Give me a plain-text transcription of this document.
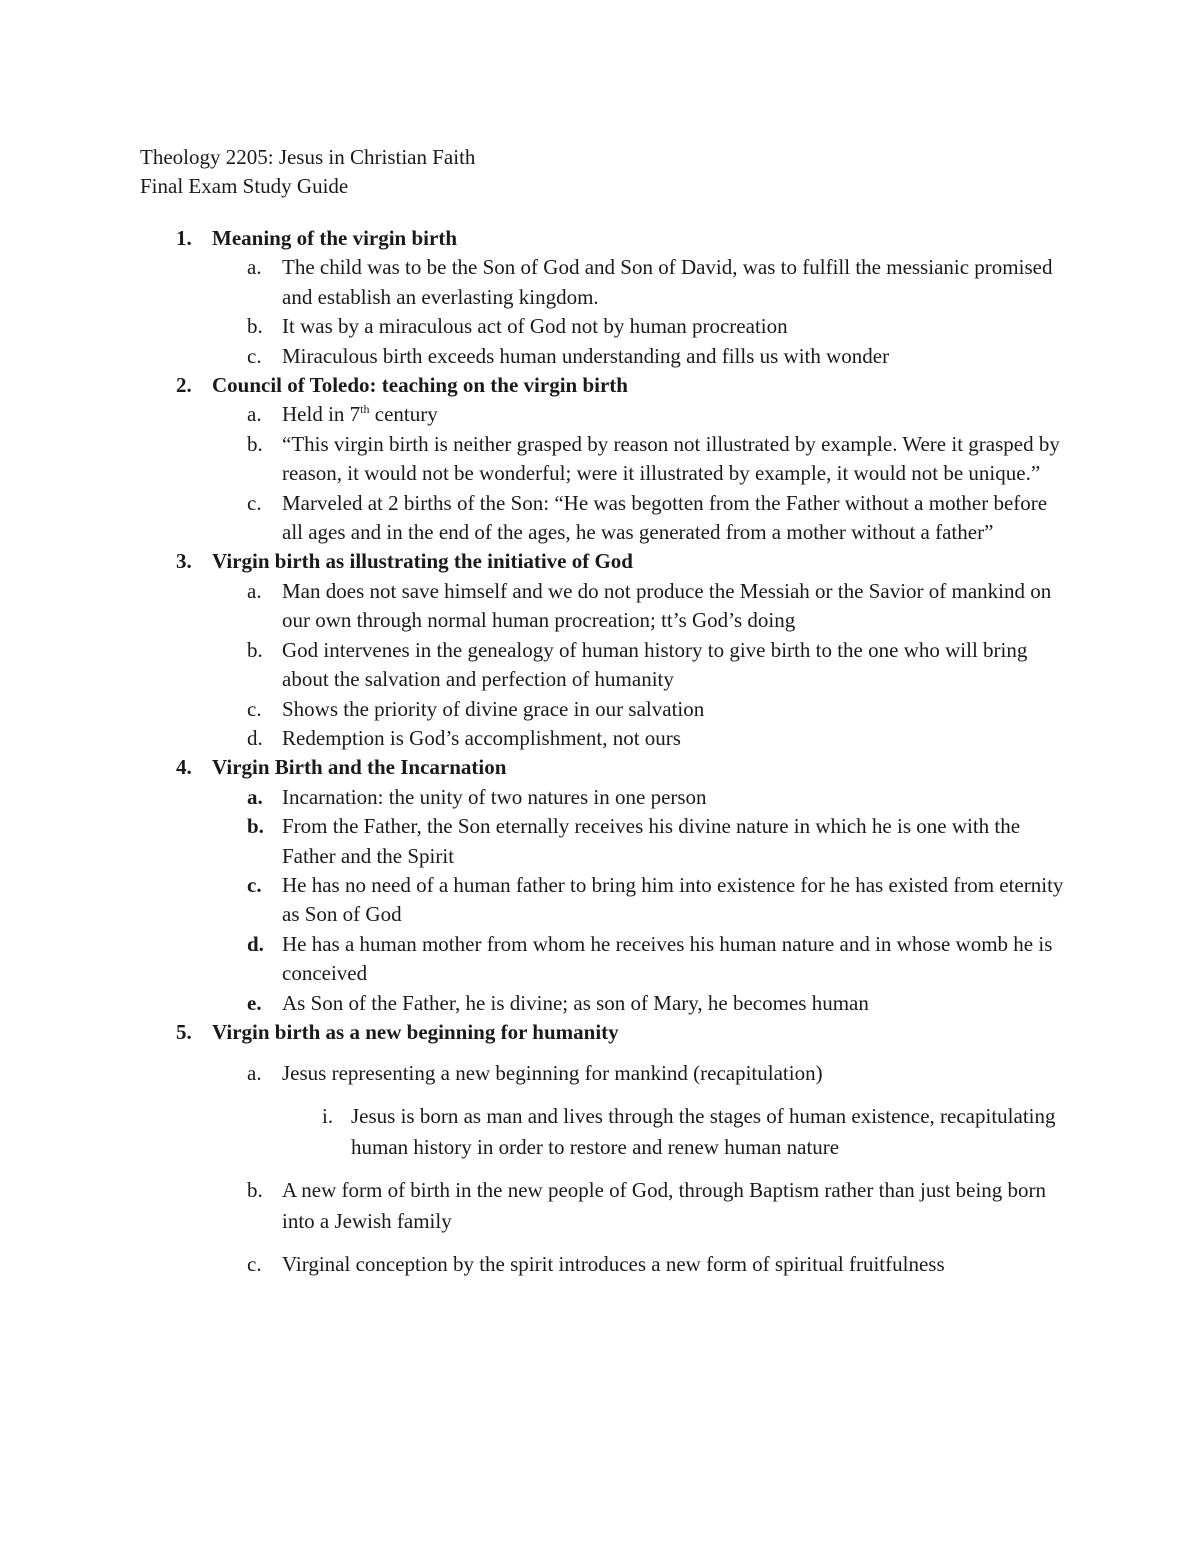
Theology 2205: Jesus in Christian Faith
Final Exam Study Guide
1. Meaning of the virgin birth
a. The child was to be the Son of God and Son of David, was to fulfill the messianic promised and establish an everlasting kingdom.
b. It was by a miraculous act of God not by human procreation
c. Miraculous birth exceeds human understanding and fills us with wonder
2. Council of Toledo: teaching on the virgin birth
a. Held in 7th century
b. “This virgin birth is neither grasped by reason not illustrated by example. Were it grasped by reason, it would not be wonderful; were it illustrated by example, it would not be unique.”
c. Marveled at 2 births of the Son: “He was begotten from the Father without a mother before all ages and in the end of the ages, he was generated from a mother without a father”
3. Virgin birth as illustrating the initiative of God
a. Man does not save himself and we do not produce the Messiah or the Savior of mankind on our own through normal human procreation; tt’s God’s doing
b. God intervenes in the genealogy of human history to give birth to the one who will bring about the salvation and perfection of humanity
c. Shows the priority of divine grace in our salvation
d. Redemption is God’s accomplishment, not ours
4. Virgin Birth and the Incarnation
a. Incarnation: the unity of two natures in one person
b. From the Father, the Son eternally receives his divine nature in which he is one with the Father and the Spirit
c. He has no need of a human father to bring him into existence for he has existed from eternity as Son of God
d. He has a human mother from whom he receives his human nature and in whose womb he is conceived
e. As Son of the Father, he is divine; as son of Mary, he becomes human
5. Virgin birth as a new beginning for humanity
a. Jesus representing a new beginning for mankind (recapitulation)
i. Jesus is born as man and lives through the stages of human existence, recapitulating human history in order to restore and renew human nature
b. A new form of birth in the new people of God, through Baptism rather than just being born into a Jewish family
c. Virginal conception by the spirit introduces a new form of spiritual fruitfulness
